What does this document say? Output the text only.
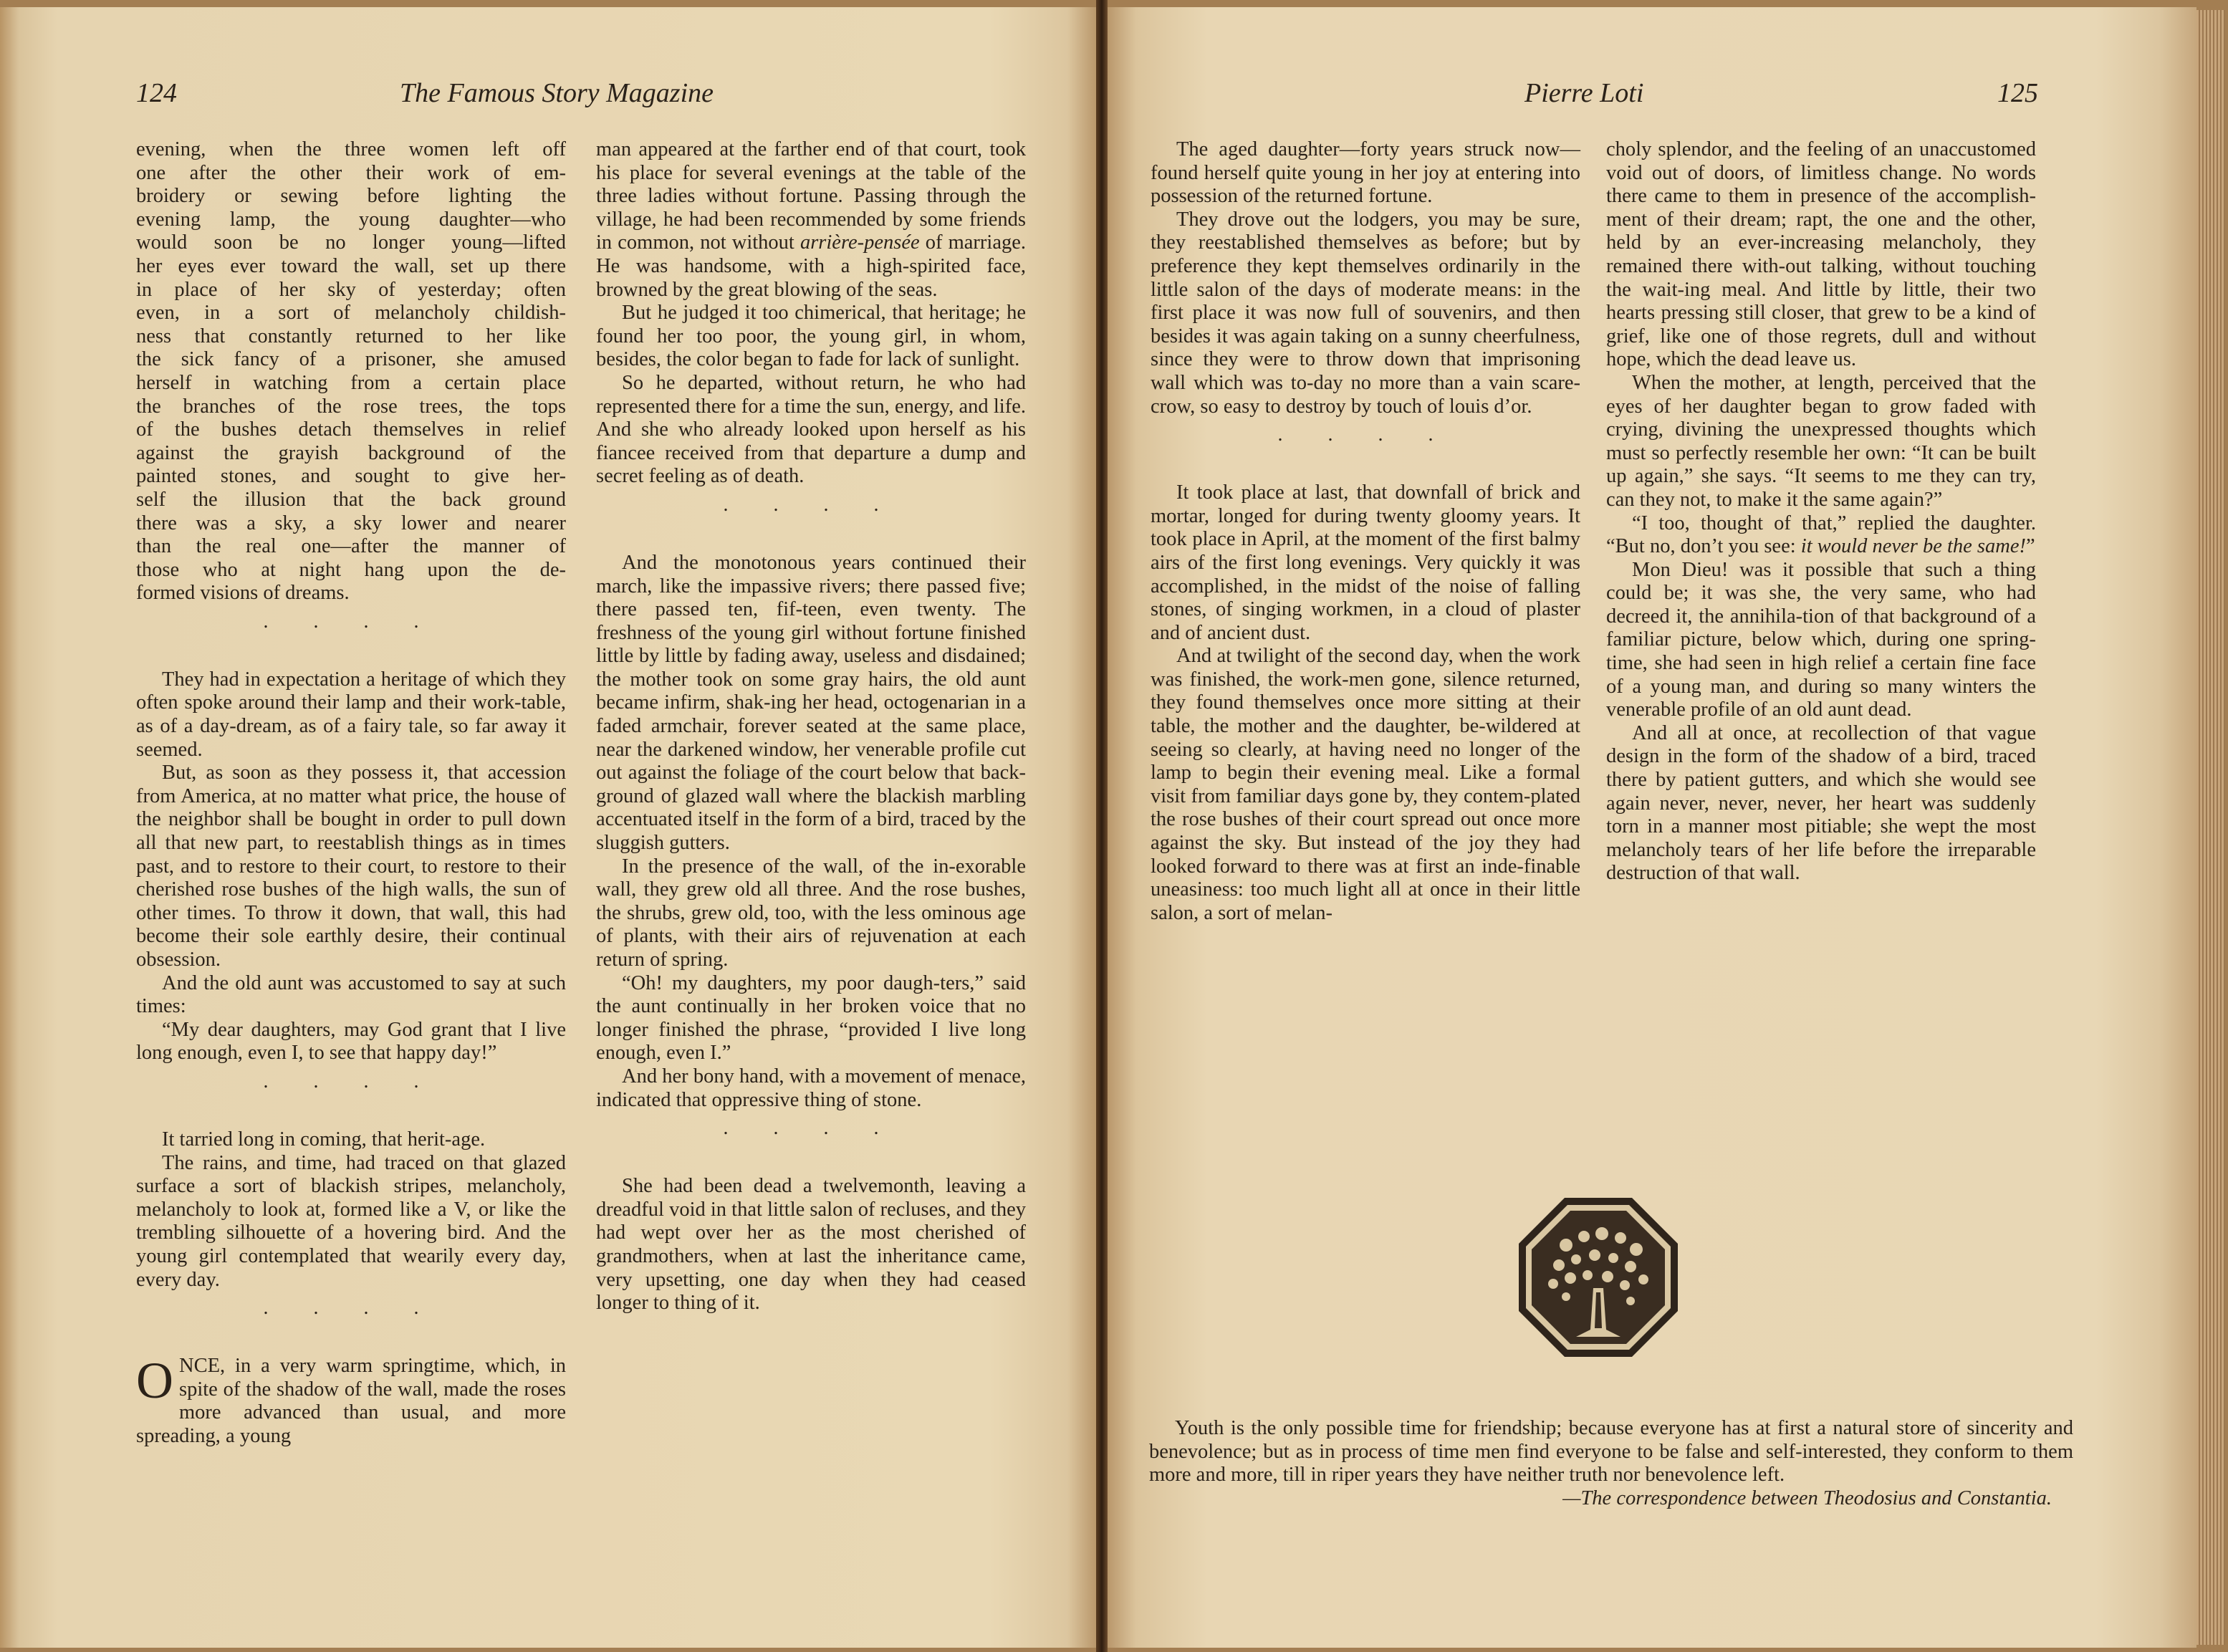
124	The Famous Story Magazine
evening, when the three women left off
one after the other their work of em-
broidery or sewing before lighting the
evening lamp, the young daughter—who
would soon be no longer young—lifted
her eyes ever toward the wall, set up there
in place of her sky of yesterday; often
even, in a sort of melancholy childish-
ness that constantly returned to her like
the sick fancy of a prisoner, she amused
herself in watching from a certain place
the branches of the rose trees, the tops
of the bushes detach themselves in relief
against the grayish background of the
painted stones, and sought to give her-
self the illusion that the back ground
there was a sky, a sky lower and nearer
than the real one—after the manner of
those who at night hang upon the de-
formed visions of dreams.
. . . .

They had in expectation a heritage of which they often spoke around their lamp and their work-table, as of a day-dream, as of a fairy tale, so far away it seemed.

But, as soon as they possess it, that accession from America, at no matter what price, the house of the neighbor shall be bought in order to pull down all that new part, to reestablish things as in times past, and to restore to their court, to restore to their cherished rose bushes of the high walls, the sun of other times. To throw it down, that wall, this had become their sole earthly desire, their continual obsession.

And the old aunt was accustomed to say at such times:

“My dear daughters, may God grant that I live long enough, even I, to see that happy day!”

. . . .

It tarried long in coming, that herit-age.

The rains, and time, had traced on that glazed surface a sort of blackish stripes, melancholy, melancholy to look at, formed like a V, or like the trembling silhouette of a hovering bird. And the young girl contemplated that wearily every day, every day.

. . . .

ONCE, in a very warm springtime, which, in spite of the shadow of the wall, made the roses more advanced than usual, and more spreading, a young

man appeared at the farther end of that court, took his place for several evenings at the table of the three ladies without fortune. Passing through the village, he had been recommended by some friends in common, not without arrière-pensée of marriage. He was handsome, with a high-spirited face, browned by the great blowing of the seas.

But he judged it too chimerical, that heritage; he found her too poor, the young girl, in whom, besides, the color began to fade for lack of sunlight.

So he departed, without return, he who had represented there for a time the sun, energy, and life. And she who already looked upon herself as his fiancee received from that departure a dump and secret feeling as of death.

. . . .

And the monotonous years continued their march, like the impassive rivers; there passed five; there passed ten, fif-teen, even twenty. The freshness of the young girl without fortune finished little by little by fading away, useless and disdained; the mother took on some gray hairs, the old aunt became infirm, shak-ing her head, octogenarian in a faded armchair, forever seated at the same place, near the darkened window, her venerable profile cut out against the foliage of the court below that back-ground of glazed wall where the blackish marbling accentuated itself in the form of a bird, traced by the sluggish gutters.

In the presence of the wall, of the in-exorable wall, they grew old all three. And the rose bushes, the shrubs, grew old, too, with the less ominous age of plants, with their airs of rejuvenation at each return of spring.

“Oh! my daughters, my poor daugh-ters,” said the aunt continually in her broken voice that no longer finished the phrase, “provided I live long enough, even I.”

And her bony hand, with a movement of menace, indicated that oppressive thing of stone.

. . . .

She had been dead a twelvemonth, leaving a dreadful void in that little salon of recluses, and they had wept over her as the most cherished of grandmothers, when at last the inheritance came, very upsetting, one day when they had ceased longer to thing of it.

Pierre Loti	125

The aged daughter—forty years struck now—found herself quite young in her joy at entering into possession of the returned fortune.

They drove out the lodgers, you may be sure, they reestablished themselves as before; but by preference they kept themselves ordinarily in the little salon of the days of moderate means: in the first place it was now full of souvenirs, and then besides it was again taking on a sunny cheerfulness, since they were to throw down that imprisoning wall which was to-day no more than a vain scare-crow, so easy to destroy by touch of louis d’or.

. . . .

It took place at last, that downfall of brick and mortar, longed for during twenty gloomy years. It took place in April, at the moment of the first balmy airs of the first long evenings. Very quickly it was accomplished, in the midst of the noise of falling stones, of singing workmen, in a cloud of plaster and of ancient dust.

And at twilight of the second day, when the work was finished, the work-men gone, silence returned, they found themselves once more sitting at their table, the mother and the daughter, be-wildered at seeing so clearly, at having need no longer of the lamp to begin their evening meal. Like a formal visit from familiar days gone by, they contem-plated the rose bushes of their court spread out once more against the sky. But instead of the joy they had looked forward to there was at first an inde-finable uneasiness: too much light all at once in their little salon, a sort of melan-

choly splendor, and the feeling of an unaccustomed void out of doors, of limitless change. No words there came to them in presence of the accomplish-ment of their dream; rapt, the one and the other, held by an ever-increasing melancholy, they remained there with-out talking, without touching the wait-ing meal. And little by little, their two hearts pressing still closer, that grew to be a kind of grief, like one of those regrets, dull and without hope, which the dead leave us.

When the mother, at length, perceived that the eyes of her daughter began to grow faded with crying, divining the unexpressed thoughts which must so perfectly resemble her own: “It can be built up again,” she says. “It seems to me they can try, can they not, to make it the same again?”

“I too, thought of that,” replied the daughter. “But no, don’t you see: it would never be the same!”

Mon Dieu! was it possible that such a thing could be; it was she, the very same, who had decreed it, the annihila-tion of that background of a familiar picture, below which, during one spring-time, she had seen in high relief a certain fine face of a young man, and during so many winters the venerable profile of an old aunt dead.

And all at once, at recollection of that vague design in the form of the shadow of a bird, traced there by patient gutters, and which she would see again never, never, never, her heart was suddenly torn in a manner most pitiable; she wept the most melancholy tears of her life before the irreparable destruction of that wall.

Youth is the only possible time for friendship; because everyone has at first a natural store of sincerity and benevolence; but as in process of time men find everyone to be false and self-interested, they conform to them more and more, till in riper years they have neither truth nor benevolence left.

—The correspondence between Theodosius and Constantia.
